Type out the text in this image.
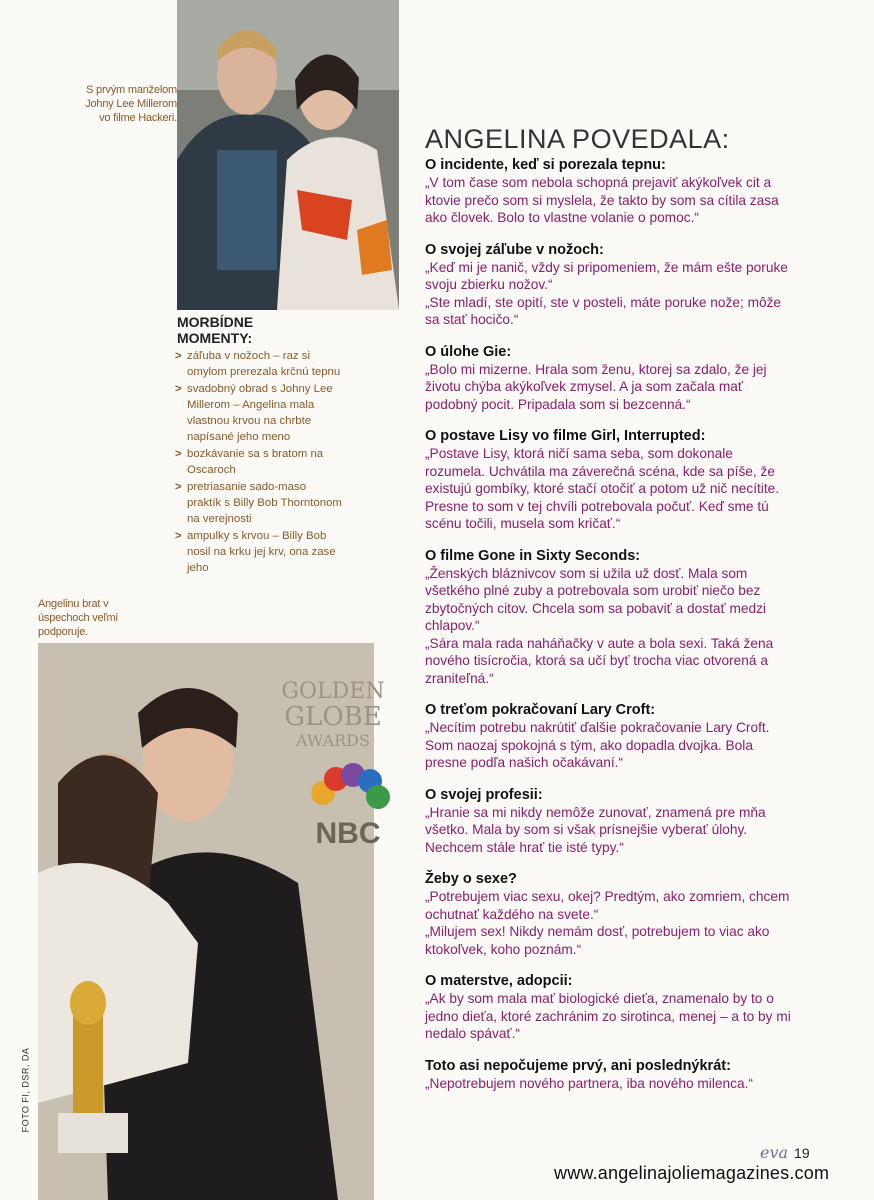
S prvým manželom Johny Lee Millerom vo filme Hackeri.
MORBÍDNE MOMENTY:
> záľuba v nožoch – raz si omylom prerezala krčnú tepnu
> svadobný obrad s Johny Lee Millerom – Angelina mala vlastnou krvou na chrbte napísané jeho meno
> bozkávanie sa s bratom na Oscaroch
> pretriasanie sado-maso praktík s Billy Bob Thorntonom na verejnosti
> ampulky s krvou – Billy Bob nosil na krku jej krv, ona zase jeho
Angelinu brat v úspechoch veľmi podporuje.
GOLDEN
GLOBE
AWARDS
NBC
FOTO FI, DSR, DA
ANGELINA POVEDALA:

O incidente, keď si porezala tepnu:

„V tom čase som nebola schopná prejaviť akýkoľvek cit a ktovie prečo som si myslela, že takto by som sa cítila zasa ako človek. Bolo to vlastne volanie o pomoc.“

O svojej záľube v nožoch:

„Keď mi je nanič, vždy si pripomeniem, že mám ešte poruke svoju zbierku nožov.“

„Ste mladí, ste opití, ste v posteli, máte poruke nože; môže sa stať hocičo.“

O úlohe Gie:

„Bolo mi mizerne. Hrala som ženu, ktorej sa zdalo, že jej životu chýba akýkoľvek zmysel. A ja som začala mať podobný pocit. Pripadala som si bezcenná.“

O postave Lisy vo filme Girl, Interrupted:

„Postave Lisy, ktorá ničí sama seba, som dokonale rozumela. Uchvátila ma záverečná scéna, kde sa píše, že existujú gombíky, ktoré stačí otočiť a potom už nič necítite. Presne to som v tej chvíli potrebovala počuť. Keď sme tú scénu točili, musela som kričať.“

O filme Gone in Sixty Seconds:

„Ženských bláznivcov som si užila už dosť. Mala som všetkého plné zuby a potrebovala som urobiť niečo bez zbytočných citov. Chcela som sa pobaviť a dostať medzi chlapov.“

„Sára mala rada naháňačky v aute a bola sexi. Taká žena nového tisícročia, ktorá sa učí byť trocha viac otvorená a zraniteľná.“

O treťom pokračovaní Lary Croft:

„Necítim potrebu nakrútiť ďalšie pokračovanie Lary Croft. Som naozaj spokojná s tým, ako dopadla dvojka. Bola presne podľa našich očakávaní.“

O svojej profesii:

„Hranie sa mi nikdy nemôže zunovať, znamená pre mňa všetko. Mala by som si však prísnejšie vyberať úlohy. Nechcem stále hrať tie isté typy.“

Žeby o sexe?

„Potrebujem viac sexu, okej? Predtým, ako zomriem, chcem ochutnať každého na svete.“

„Milujem sex! Nikdy nemám dosť, potrebujem to viac ako ktokoľvek, koho poznám.“

O materstve, adopcii:

„Ak by som mala mať biologické dieťa, znamenalo by to o jedno dieťa, ktoré zachránim zo sirotinca, menej – a to by mi nedalo spávať.“

Toto asi nepočujeme prvý, ani poslednýkrát:

„Nepotrebujem nového partnera, iba nového milenca.“

eva 19
www.angelinajoliemagazines.com
